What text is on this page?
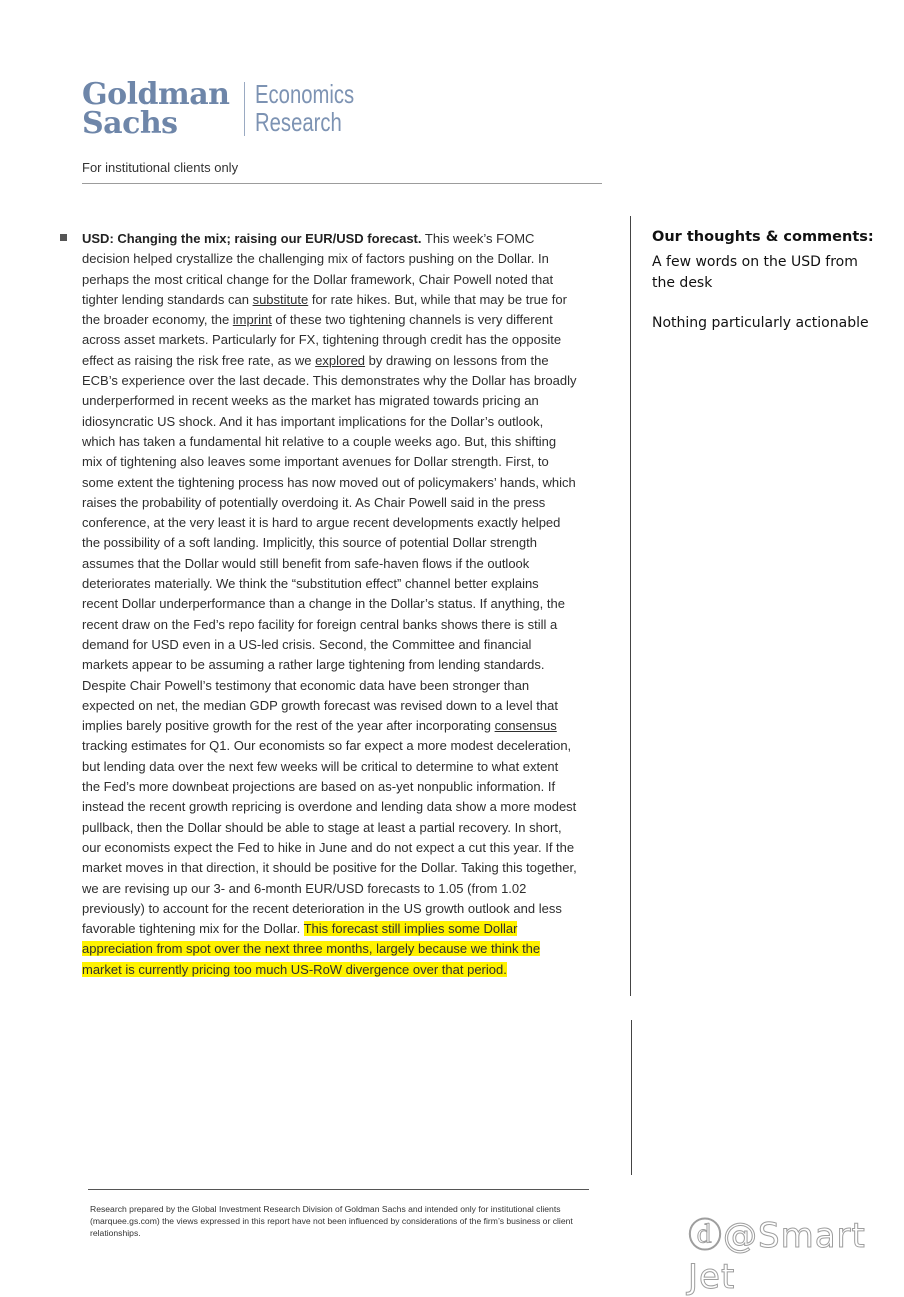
Goldman
Sachs
Economics
Research
For institutional clients only
USD: Changing the mix; raising our EUR/USD forecast. This week’s FOMC decision helped crystallize the challenging mix of factors pushing on the Dollar. In perhaps the most critical change for the Dollar framework, Chair Powell noted that tighter lending standards can substitute for rate hikes. But, while that may be true for the broader economy, the imprint of these two tightening channels is very different across asset markets. Particularly for FX, tightening through credit has the opposite effect as raising the risk free rate, as we explored by drawing on lessons from the ECB’s experience over the last decade. This demonstrates why the Dollar has broadly underperformed in recent weeks as the market has migrated towards pricing an idiosyncratic US shock. And it has important implications for the Dollar’s outlook, which has taken a fundamental hit relative to a couple weeks ago. But, this shifting mix of tightening also leaves some important avenues for Dollar strength. First, to some extent the tightening process has now moved out of policymakers’ hands, which raises the probability of potentially overdoing it. As Chair Powell said in the press conference, at the very least it is hard to argue recent developments exactly helped the possibility of a soft landing. Implicitly, this source of potential Dollar strength assumes that the Dollar would still benefit from safe-haven flows if the outlook deteriorates materially. We think the “substitution effect” channel better explains recent Dollar underperformance than a change in the Dollar’s status. If anything, the recent draw on the Fed’s repo facility for foreign central banks shows there is still a demand for USD even in a US-led crisis. Second, the Committee and financial markets appear to be assuming a rather large tightening from lending standards. Despite Chair Powell’s testimony that economic data have been stronger than expected on net, the median GDP growth forecast was revised down to a level that implies barely positive growth for the rest of the year after incorporating consensus tracking estimates for Q1. Our economists so far expect a more modest deceleration, but lending data over the next few weeks will be critical to determine to what extent the Fed’s more downbeat projections are based on as-yet nonpublic information. If instead the recent growth repricing is overdone and lending data show a more modest pullback, then the Dollar should be able to stage at least a partial recovery. In short, our economists expect the Fed to hike in June and do not expect a cut this year. If the market moves in that direction, it should be positive for the Dollar. Taking this together, we are revising up our 3- and 6-month EUR/USD forecasts to 1.05 (from 1.02 previously) to account for the recent deterioration in the US growth outlook and less favorable tightening mix for the Dollar. This forecast still implies some Dollar appreciation from spot over the next three months, largely because we think the market is currently pricing too much US-RoW divergence over that period.
Our thoughts & comments:
A few words on the USD from the desk
Nothing particularly actionable
Research prepared by the Global Investment Research Division of Goldman Sachs and intended only for institutional clients (marquee.gs.com) the views expressed in this report have not been influenced by considerations of the firm’s business or client relationships.	ⓓ@Smart Jet
